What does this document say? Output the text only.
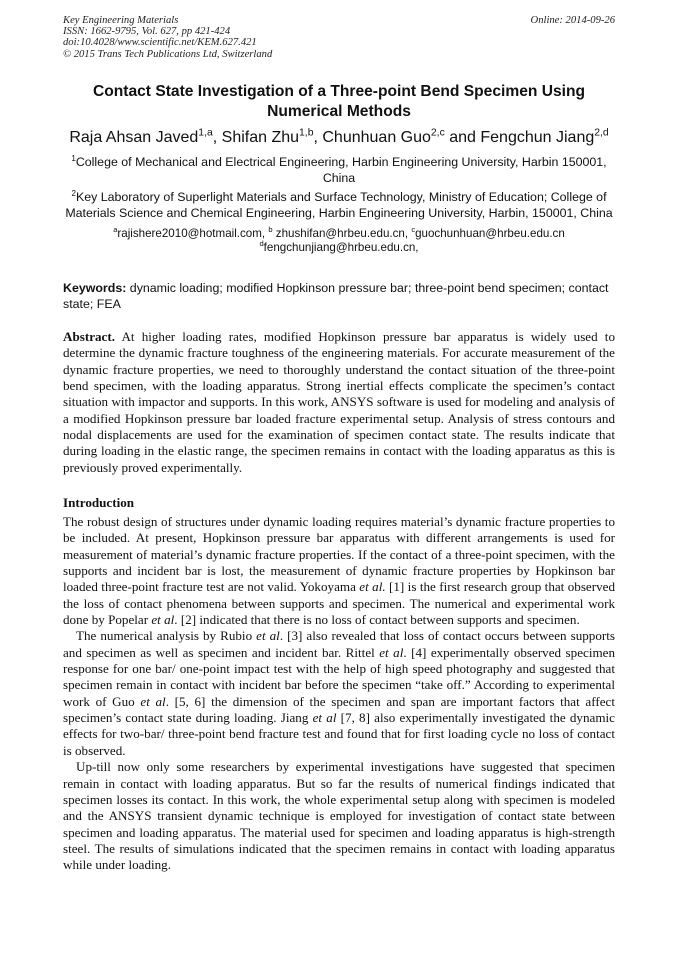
Key Engineering Materials
ISSN: 1662-9795, Vol. 627, pp 421-424
doi:10.4028/www.scientific.net/KEM.627.421
© 2015 Trans Tech Publications Ltd, Switzerland
Online: 2014-09-26
Contact State Investigation of a Three-point Bend Specimen Using Numerical Methods
Raja Ahsan Javed$^{1,a}$, Shifan Zhu$^{1,b}$, Chunhuan Guo$^{2,c}$ and Fengchun Jiang$^{2,d}$
$^1$College of Mechanical and Electrical Engineering, Harbin Engineering University, Harbin 150001, China
$^2$Key Laboratory of Superlight Materials and Surface Technology, Ministry of Education; College of Materials Science and Chemical Engineering, Harbin Engineering University, Harbin, 150001, China
$^a$rajishere2010@hotmail.com, $^b$ zhushifan@hrbeu.edu.cn, $^c$guochunhuan@hrbeu.edu.cn
$^d$fengchunjiang@hrbeu.edu.cn,
Keywords: dynamic loading; modified Hopkinson pressure bar; three-point bend specimen; contact state; FEA

Abstract. At higher loading rates, modified Hopkinson pressure bar apparatus is widely used to determine the dynamic fracture toughness of the engineering materials. For accurate measurement of the dynamic fracture properties, we need to thoroughly understand the contact situation of the three-point bend specimen, with the loading apparatus. Strong inertial effects complicate the specimen’s contact situation with impactor and supports. In this work, ANSYS software is used for modeling and analysis of a modified Hopkinson pressure bar loaded fracture experimental setup. Analysis of stress contours and nodal displacements are used for the examination of specimen contact state. The results indicate that during loading in the elastic range, the specimen remains in contact with the loading apparatus as this is previously proved experimentally.

Introduction

The robust design of structures under dynamic loading requires material’s dynamic fracture properties to be included. At present, Hopkinson pressure bar apparatus with different arrangements is used for measurement of material’s dynamic fracture properties. If the contact of a three-point specimen, with the supports and incident bar is lost, the measurement of dynamic fracture properties by Hopkinson bar loaded three-point fracture test are not valid. Yokoyama et al. [1] is the first research group that observed the loss of contact phenomena between supports and specimen. The numerical and experimental work done by Popelar et al. [2] indicated that there is no loss of contact between supports and specimen.

The numerical analysis by Rubio et al. [3] also revealed that loss of contact occurs between supports and specimen as well as specimen and incident bar. Rittel et al. [4] experimentally observed specimen response for one bar/ one-point impact test with the help of high speed photography and suggested that specimen remain in contact with incident bar before the specimen “take off.” According to experimental work of Guo et al. [5, 6] the dimension of the specimen and span are important factors that affect specimen’s contact state during loading. Jiang et al [7, 8] also experimentally investigated the dynamic effects for two-bar/ three-point bend fracture test and found that for first loading cycle no loss of contact is observed.

Up-till now only some researchers by experimental investigations have suggested that specimen remain in contact with loading apparatus. But so far the results of numerical findings indicated that specimen losses its contact. In this work, the whole experimental setup along with specimen is modeled and the ANSYS transient dynamic technique is employed for investigation of contact state between specimen and loading apparatus. The material used for specimen and loading apparatus is high-strength steel. The results of simulations indicated that the specimen remains in contact with loading apparatus while under loading.
